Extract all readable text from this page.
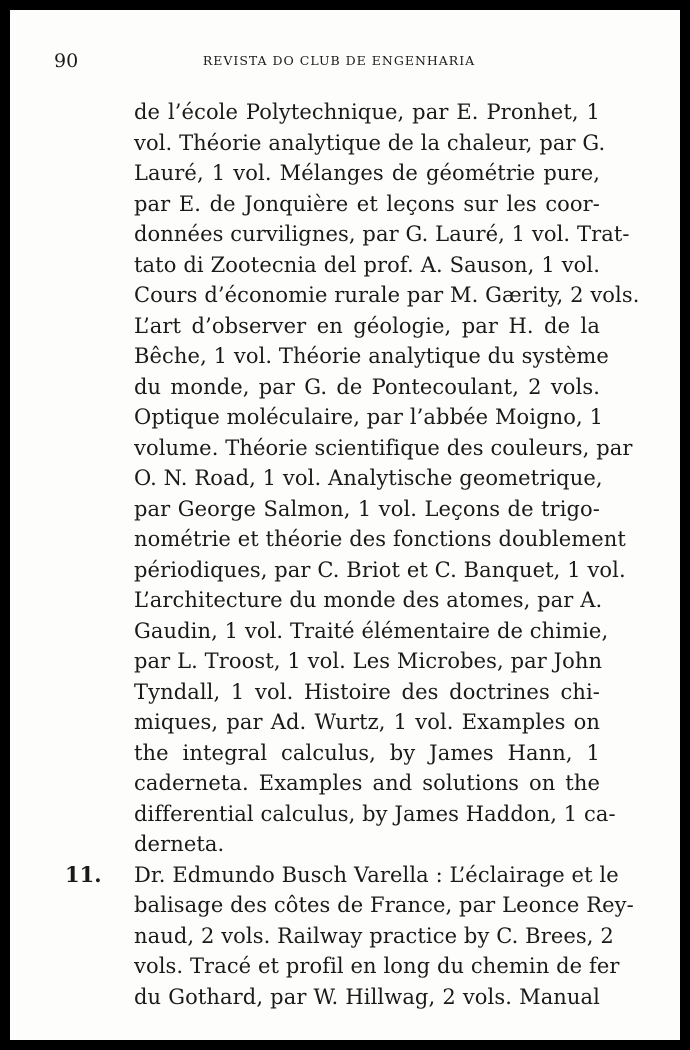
90	REVISTA DO CLUB DE ENGENHARIA
de l’école Polytechnique, par E. Pronhet, 1
vol. Théorie analytique de la chaleur, par G.
Lauré, 1 vol. Mélanges de géométrie pure,
par E. de Jonquière et leçons sur les coor-
données curvilignes, par G. Lauré, 1 vol. Trat-
tato di Zootecnia del prof. A. Sauson, 1 vol.
Cours d’économie rurale par M. Gærity, 2 vols.
L’art d’observer en géologie, par H. de la
Bêche, 1 vol. Théorie analytique du système
du monde, par G. de Pontecoulant, 2 vols.
Optique moléculaire, par l’abbée Moigno, 1
volume. Théorie scientifique des couleurs, par
O. N. Road, 1 vol. Analytische geometrique,
par George Salmon, 1 vol. Leçons de trigo-
nométrie et théorie des fonctions doublement
périodiques, par C. Briot et C. Banquet, 1 vol.
L’architecture du monde des atomes, par A.
Gaudin, 1 vol. Traité élémentaire de chimie,
par L. Troost, 1 vol. Les Microbes, par John
Tyndall, 1 vol. Histoire des doctrines chi-
miques, par Ad. Wurtz, 1 vol. Examples on
the integral calculus, by James Hann, 1
caderneta. Examples and solutions on the
differential calculus, by James Haddon, 1 ca-
derneta.
11. Dr. Edmundo Busch Varella : L’éclairage et le
balisage des côtes de France, par Leonce Rey-
naud, 2 vols. Railway practice by C. Brees, 2
vols. Tracé et profil en long du chemin de fer
du Gothard, par W. Hillwag, 2 vols. Manual
